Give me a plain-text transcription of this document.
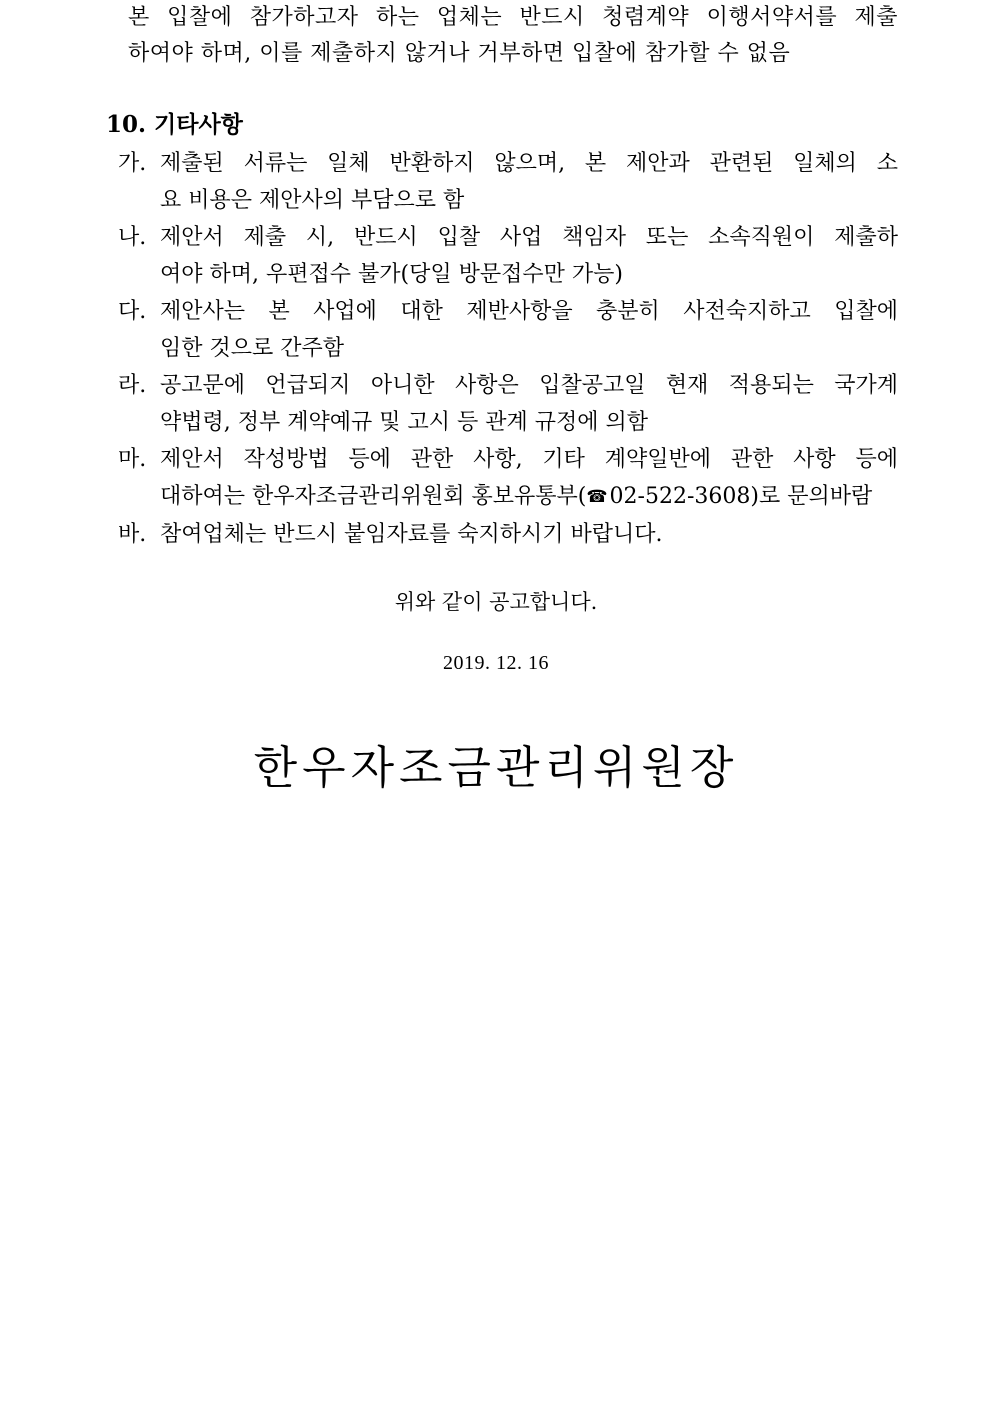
본 입찰에 참가하고자 하는 업체는 반드시 청렴계약 이행서약서를 제출
하여야 하며, 이를 제출하지 않거나 거부하면 입찰에 참가할 수 없음
10. 기타사항
가. 제출된 서류는 일체 반환하지 않으며, 본 제안과 관련된 일체의 소
요 비용은 제안사의 부담으로 함
나. 제안서 제출 시, 반드시 입찰 사업 책임자 또는 소속직원이 제출하
여야 하며, 우편접수 불가(당일 방문접수만 가능)
다. 제안사는 본 사업에 대한 제반사항을 충분히 사전숙지하고 입찰에
임한 것으로 간주함
라. 공고문에 언급되지 아니한 사항은 입찰공고일 현재 적용되는 국가계
약법령, 정부 계약예규 및 고시 등 관계 규정에 의함
마. 제안서 작성방법 등에 관한 사항, 기타 계약일반에 관한 사항 등에
대하여는 한우자조금관리위원회 홍보유통부(☎02-522-3608)로 문의바람
바. 참여업체는 반드시 붙임자료를 숙지하시기 바랍니다.
위와 같이 공고합니다.
2019. 12. 16
한우자조금관리위원장
